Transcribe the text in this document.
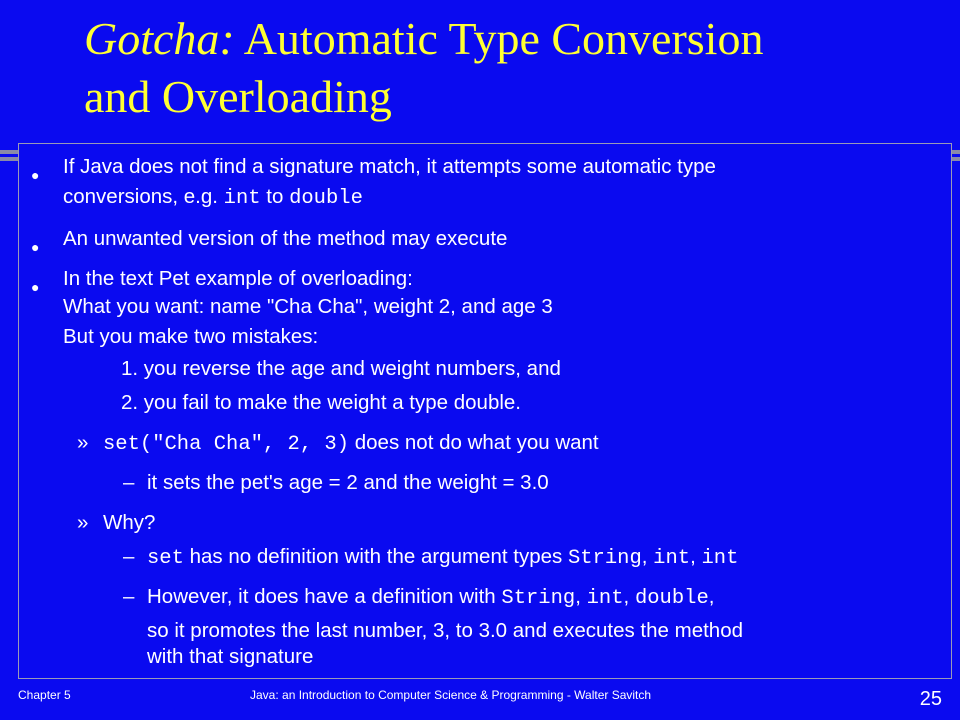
Gotcha: Automatic Type Conversion
and Overloading
● If Java does not find a signature match, it attempts some automatic type
conversions, e.g. int to double
● An unwanted version of the method may execute
● In the text Pet example of overloading:
What you want: name "Cha Cha", weight 2, and age 3
But you make two mistakes:
1. you reverse the age and weight numbers, and
2. you fail to make the weight a type double.
» set("Cha Cha", 2, 3) does not do what you want
– it sets the pet's age = 2 and the weight = 3.0
» Why?
– set has no definition with the argument types String, int, int
– However, it does have a definition with String, int, double,
so it promotes the last number, 3, to 3.0 and executes the method
with that signature
Chapter 5	Java: an Introduction to Computer Science & Programming - Walter Savitch	25
